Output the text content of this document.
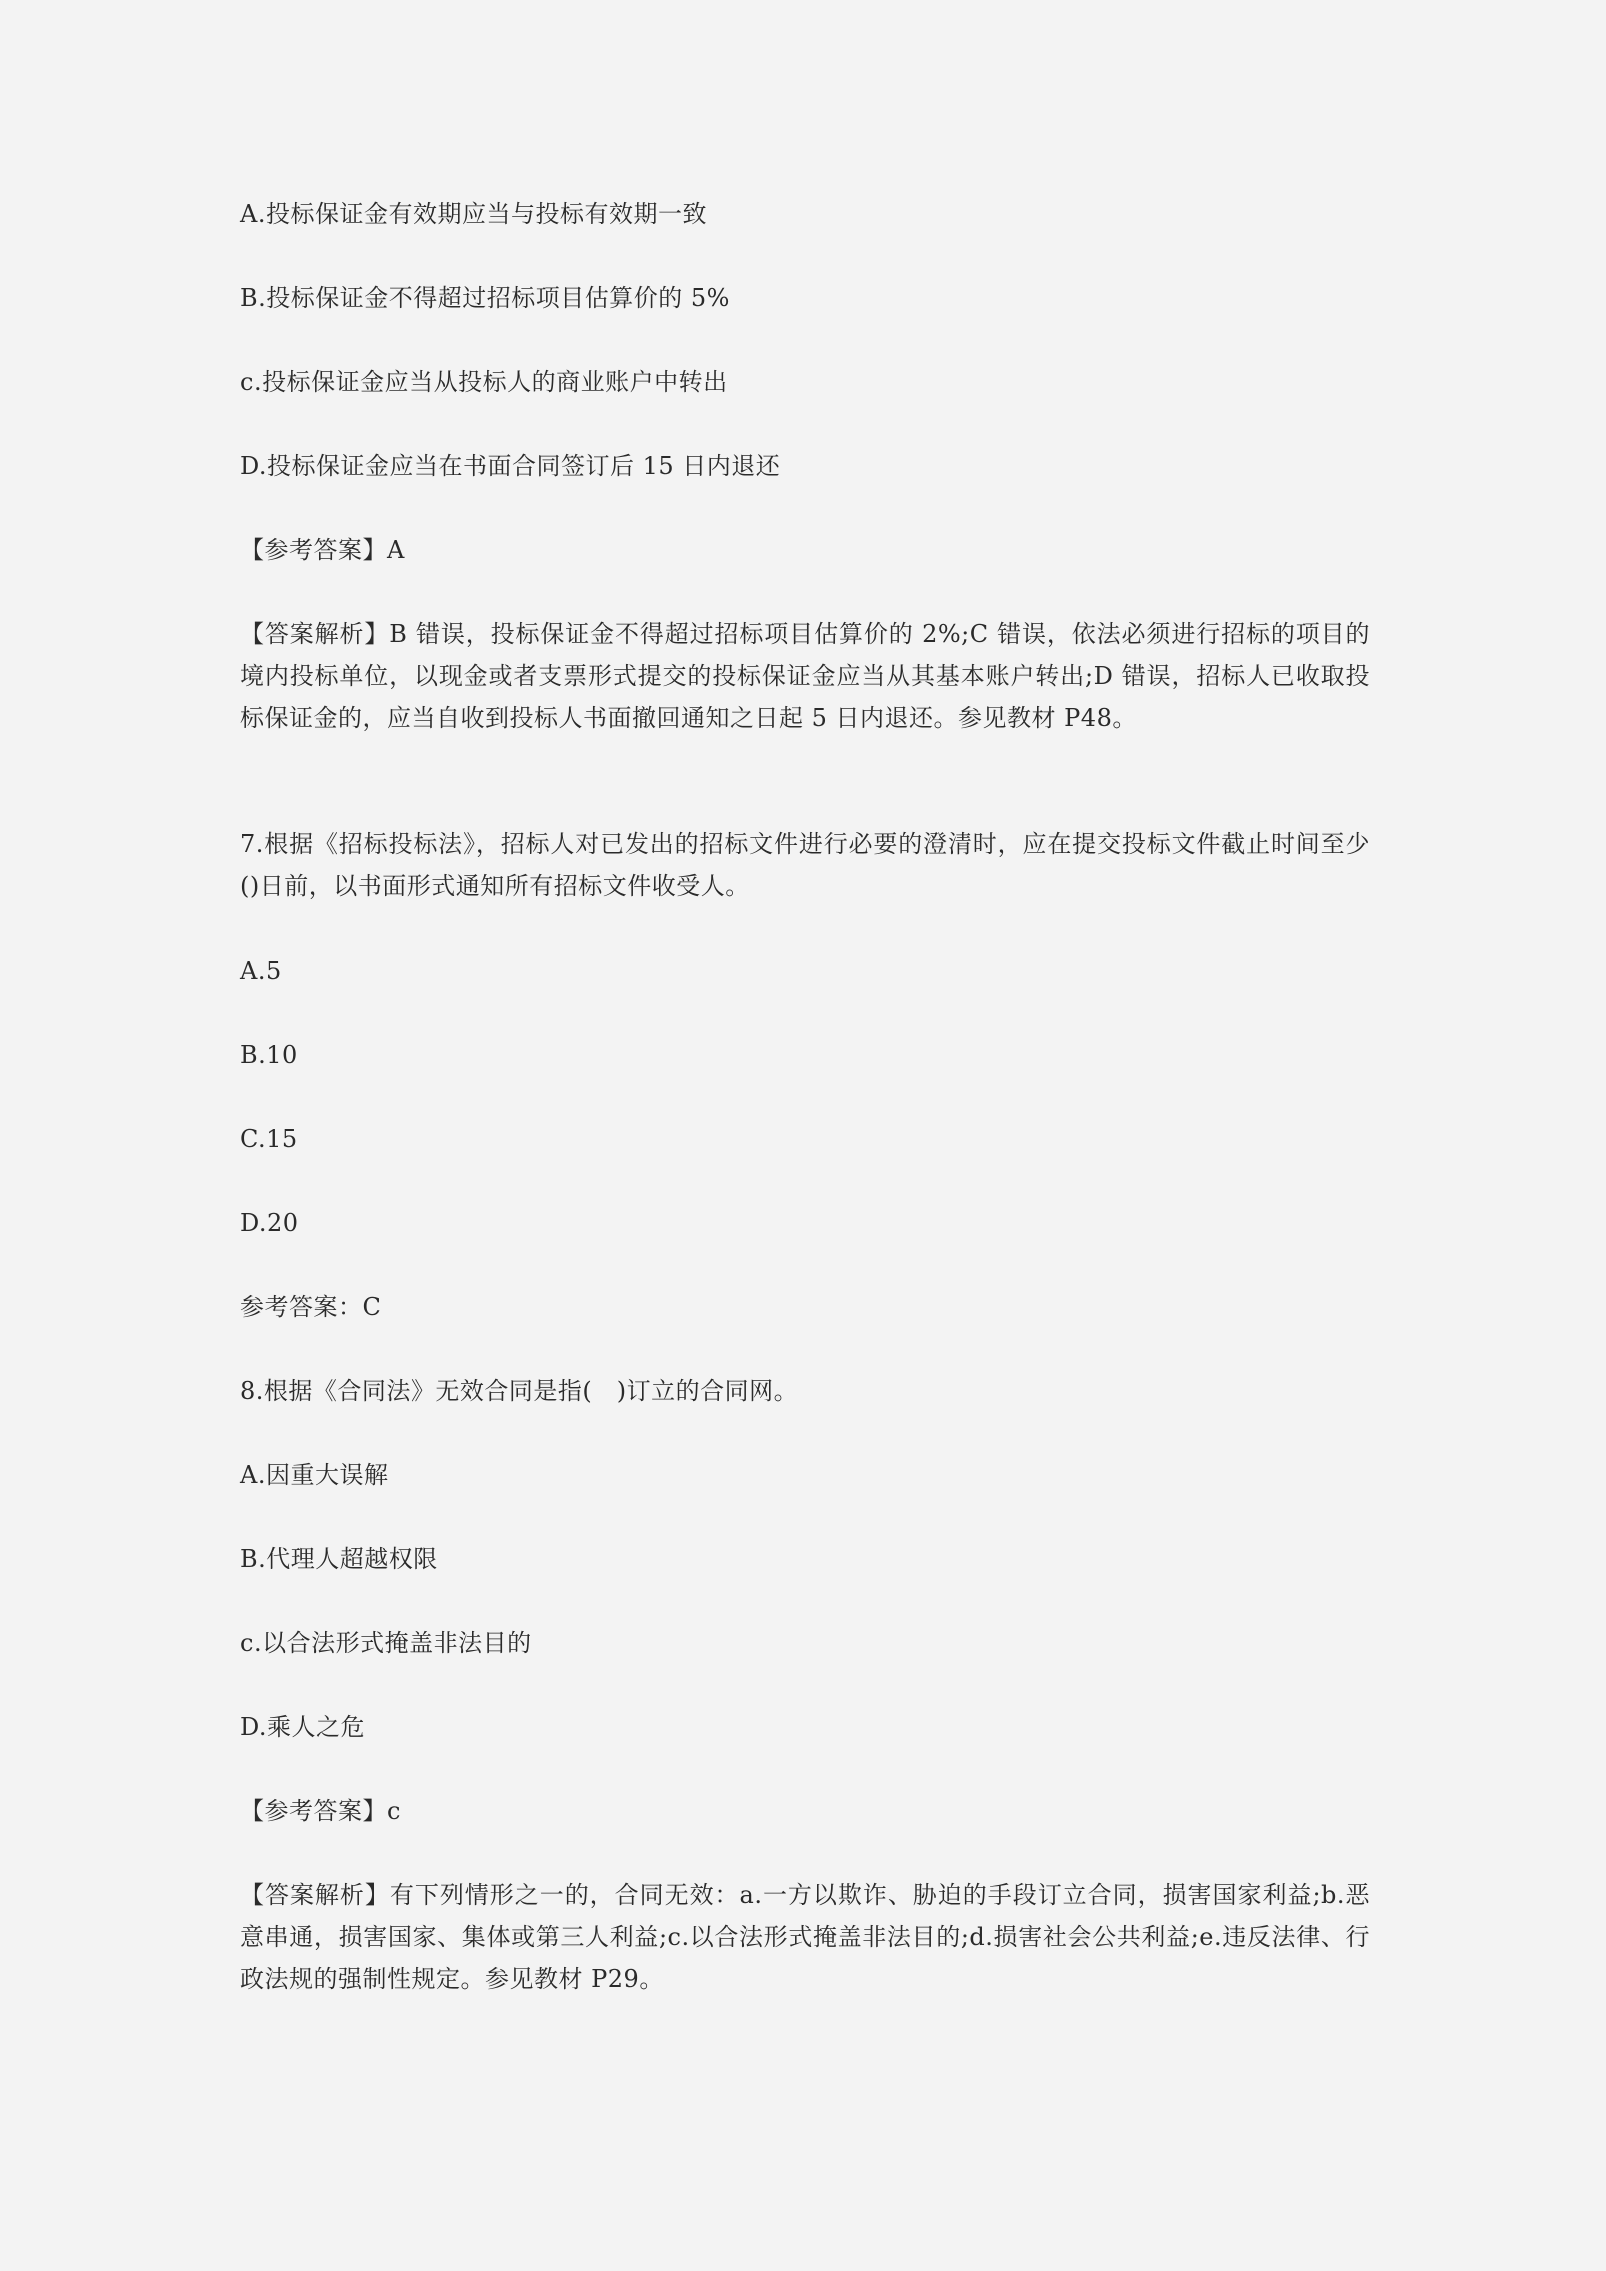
A.投标保证金有效期应当与投标有效期一致
B.投标保证金不得超过招标项目估算价的 5%
c.投标保证金应当从投标人的商业账户中转出
D.投标保证金应当在书面合同签订后 15 日内退还
【参考答案】A
【答案解析】B 错误，投标保证金不得超过招标项目估算价的 2%;C 错误，依法必须进行招标的项目的境内投标单位，以现金或者支票形式提交的投标保证金应当从其基本账户转出;D 错误，招标人已收取投标保证金的，应当自收到投标人书面撤回通知之日起 5 日内退还。参见教材 P48。
7.根据《招标投标法》，招标人对已发出的招标文件进行必要的澄清时，应在提交投标文件截止时间至少()日前，以书面形式通知所有招标文件收受人。
A.5
B.10
C.15
D.20
参考答案：C
8.根据《合同法》无效合同是指(　)订立的合同网。
A.因重大误解
B.代理人超越权限
c.以合法形式掩盖非法目的
D.乘人之危
【参考答案】c
【答案解析】有下列情形之一的，合同无效：a.一方以欺诈、胁迫的手段订立合同，损害国家利益;b.恶意串通，损害国家、集体或第三人利益;c.以合法形式掩盖非法目的;d.损害社会公共利益;e.违反法律、行政法规的强制性规定。参见教材 P29。
